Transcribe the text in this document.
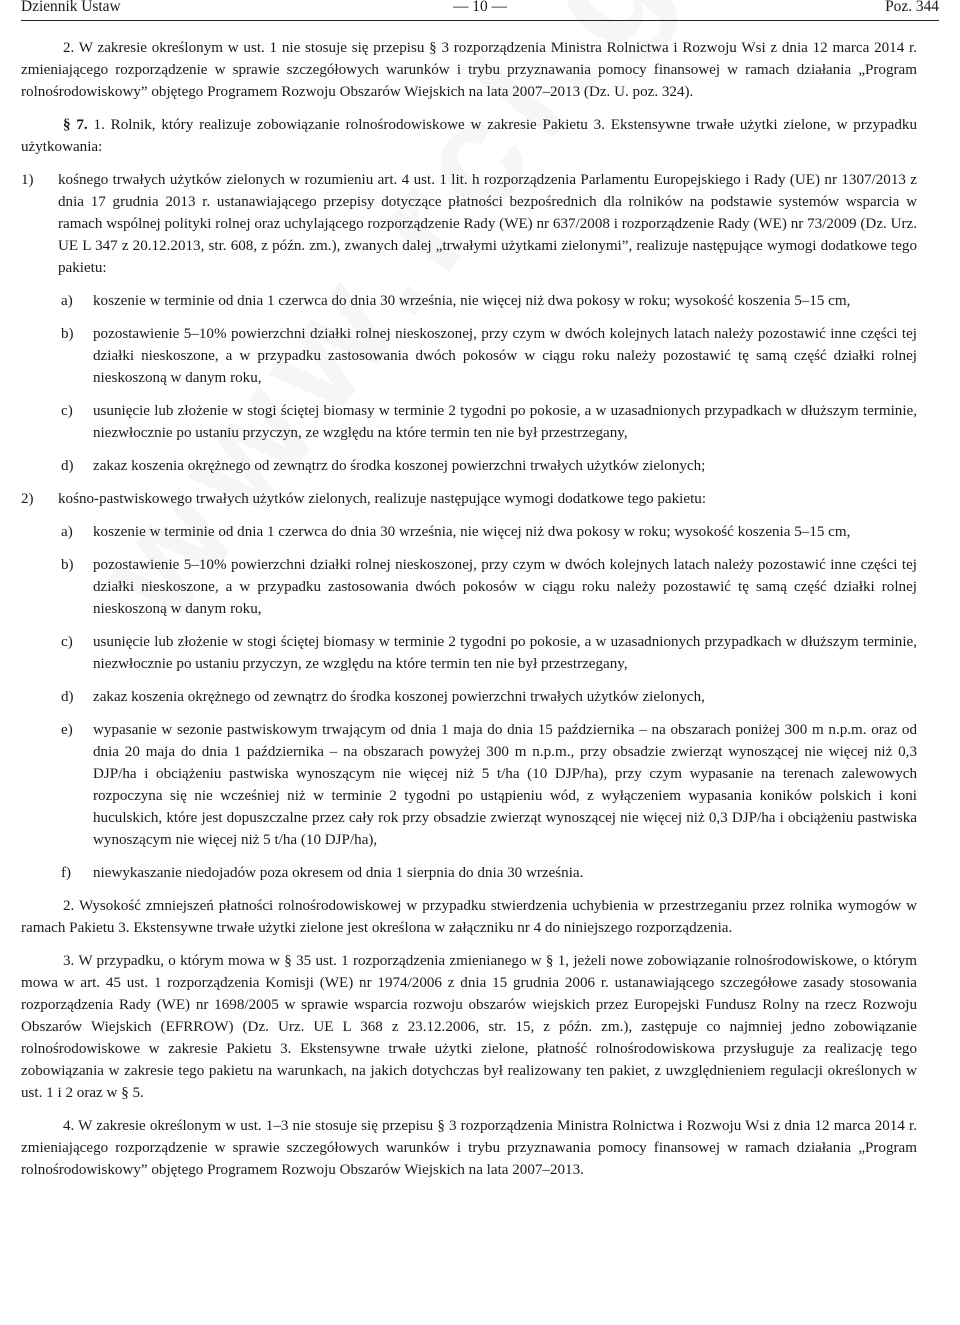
Dziennik Ustaw	— 10 —	Poz. 344

2. W zakresie określonym w ust. 1 nie stosuje się przepisu § 3 rozporządzenia Ministra Rolnictwa i Rozwoju Wsi z dnia 12 marca 2014 r. zmieniającego rozporządzenie w sprawie szczegółowych warunków i trybu przyznawania pomocy finansowej w ramach działania „Program rolnośrodowiskowy” objętego Programem Rozwoju Obszarów Wiejskich na lata 2007–2013 (Dz. U. poz. 324).

§ 7. 1. Rolnik, który realizuje zobowiązanie rolnośrodowiskowe w zakresie Pakietu 3. Ekstensywne trwałe użytki zielone, w przypadku użytkowania:

1) kośnego trwałych użytków zielonych w rozumieniu art. 4 ust. 1 lit. h rozporządzenia Parlamentu Europejskiego i Rady (UE) nr 1307/2013 z dnia 17 grudnia 2013 r. ustanawiającego przepisy dotyczące płatności bezpośrednich dla rolników na podstawie systemów wsparcia w ramach wspólnej polityki rolnej oraz uchylającego rozporządzenie Rady (WE) nr 637/2008 i rozporządzenie Rady (WE) nr 73/2009 (Dz. Urz. UE L 347 z 20.12.2013, str. 608, z późn. zm.), zwanych dalej „trwałymi użytkami zielonymi”, realizuje następujące wymogi dodatkowe tego pakietu:
a) koszenie w terminie od dnia 1 czerwca do dnia 30 września, nie więcej niż dwa pokosy w roku; wysokość koszenia 5–15 cm,
b) pozostawienie 5–10% powierzchni działki rolnej nieskoszonej, przy czym w dwóch kolejnych latach należy pozostawić inne części tej działki nieskoszone, a w przypadku zastosowania dwóch pokosów w ciągu roku należy pozostawić tę samą część działki rolnej nieskoszoną w danym roku,
c) usunięcie lub złożenie w stogi ściętej biomasy w terminie 2 tygodni po pokosie, a w uzasadnionych przypadkach w dłuższym terminie, niezwłocznie po ustaniu przyczyn, ze względu na które termin ten nie był przestrzegany,
d) zakaz koszenia okrężnego od zewnątrz do środka koszonej powierzchni trwałych użytków zielonych;
2) kośno-pastwiskowego trwałych użytków zielonych, realizuje następujące wymogi dodatkowe tego pakietu:
a) koszenie w terminie od dnia 1 czerwca do dnia 30 września, nie więcej niż dwa pokosy w roku; wysokość koszenia 5–15 cm,
b) pozostawienie 5–10% powierzchni działki rolnej nieskoszonej, przy czym w dwóch kolejnych latach należy pozostawić inne części tej działki nieskoszone, a w przypadku zastosowania dwóch pokosów w ciągu roku należy pozostawić tę samą część działki rolnej nieskoszoną w danym roku,
c) usunięcie lub złożenie w stogi ściętej biomasy w terminie 2 tygodni po pokosie, a w uzasadnionych przypadkach w dłuższym terminie, niezwłocznie po ustaniu przyczyn, ze względu na które termin ten nie był przestrzegany,
d) zakaz koszenia okrężnego od zewnątrz do środka koszonej powierzchni trwałych użytków zielonych,
e) wypasanie w sezonie pastwiskowym trwającym od dnia 1 maja do dnia 15 października – na obszarach poniżej 300 m n.p.m. oraz od dnia 20 maja do dnia 1 października – na obszarach powyżej 300 m n.p.m., przy obsadzie zwierząt wynoszącej nie więcej niż 0,3 DJP/ha i obciążeniu pastwiska wynoszącym nie więcej niż 5 t/ha (10 DJP/ha), przy czym wypasanie na terenach zalewowych rozpoczyna się nie wcześniej niż w terminie 2 tygodni po ustąpieniu wód, z wyłączeniem wypasania koników polskich i koni huculskich, które jest dopuszczalne przez cały rok przy obsadzie zwierząt wynoszącej nie więcej niż 0,3 DJP/ha i obciążeniu pastwiska wynoszącym nie więcej niż 5 t/ha (10 DJP/ha),
f) niewykaszanie niedojadów poza okresem od dnia 1 sierpnia do dnia 30 września.

2. Wysokość zmniejszeń płatności rolnośrodowiskowej w przypadku stwierdzenia uchybienia w przestrzeganiu przez rolnika wymogów w ramach Pakietu 3. Ekstensywne trwałe użytki zielone jest określona w załączniku nr 4 do niniejszego rozporządzenia.

3. W przypadku, o którym mowa w § 35 ust. 1 rozporządzenia zmienianego w § 1, jeżeli nowe zobowiązanie rolnośrodowiskowe, o którym mowa w art. 45 ust. 1 rozporządzenia Komisji (WE) nr 1974/2006 z dnia 15 grudnia 2006 r. ustanawiającego szczegółowe zasady stosowania rozporządzenia Rady (WE) nr 1698/2005 w sprawie wsparcia rozwoju obszarów wiejskich przez Europejski Fundusz Rolny na rzecz Rozwoju Obszarów Wiejskich (EFRROW) (Dz. Urz. UE L 368 z 23.12.2006, str. 15, z późn. zm.), zastępuje co najmniej jedno zobowiązanie rolnośrodowiskowe w zakresie Pakietu 3. Ekstensywne trwałe użytki zielone, płatność rolnośrodowiskowa przysługuje za realizację tego zobowiązania w zakresie tego pakietu na warunkach, na jakich dotychczas był realizowany ten pakiet, z uwzględnieniem regulacji określonych w ust. 1 i 2 oraz w § 5.

4. W zakresie określonym w ust. 1–3 nie stosuje się przepisu § 3 rozporządzenia Ministra Rolnictwa i Rozwoju Wsi z dnia 12 marca 2014 r. zmieniającego rozporządzenie w sprawie szczegółowych warunków i trybu przyznawania pomocy finansowej w ramach działania „Program rolnośrodowiskowy” objętego Programem Rozwoju Obszarów Wiejskich na lata 2007–2013.
